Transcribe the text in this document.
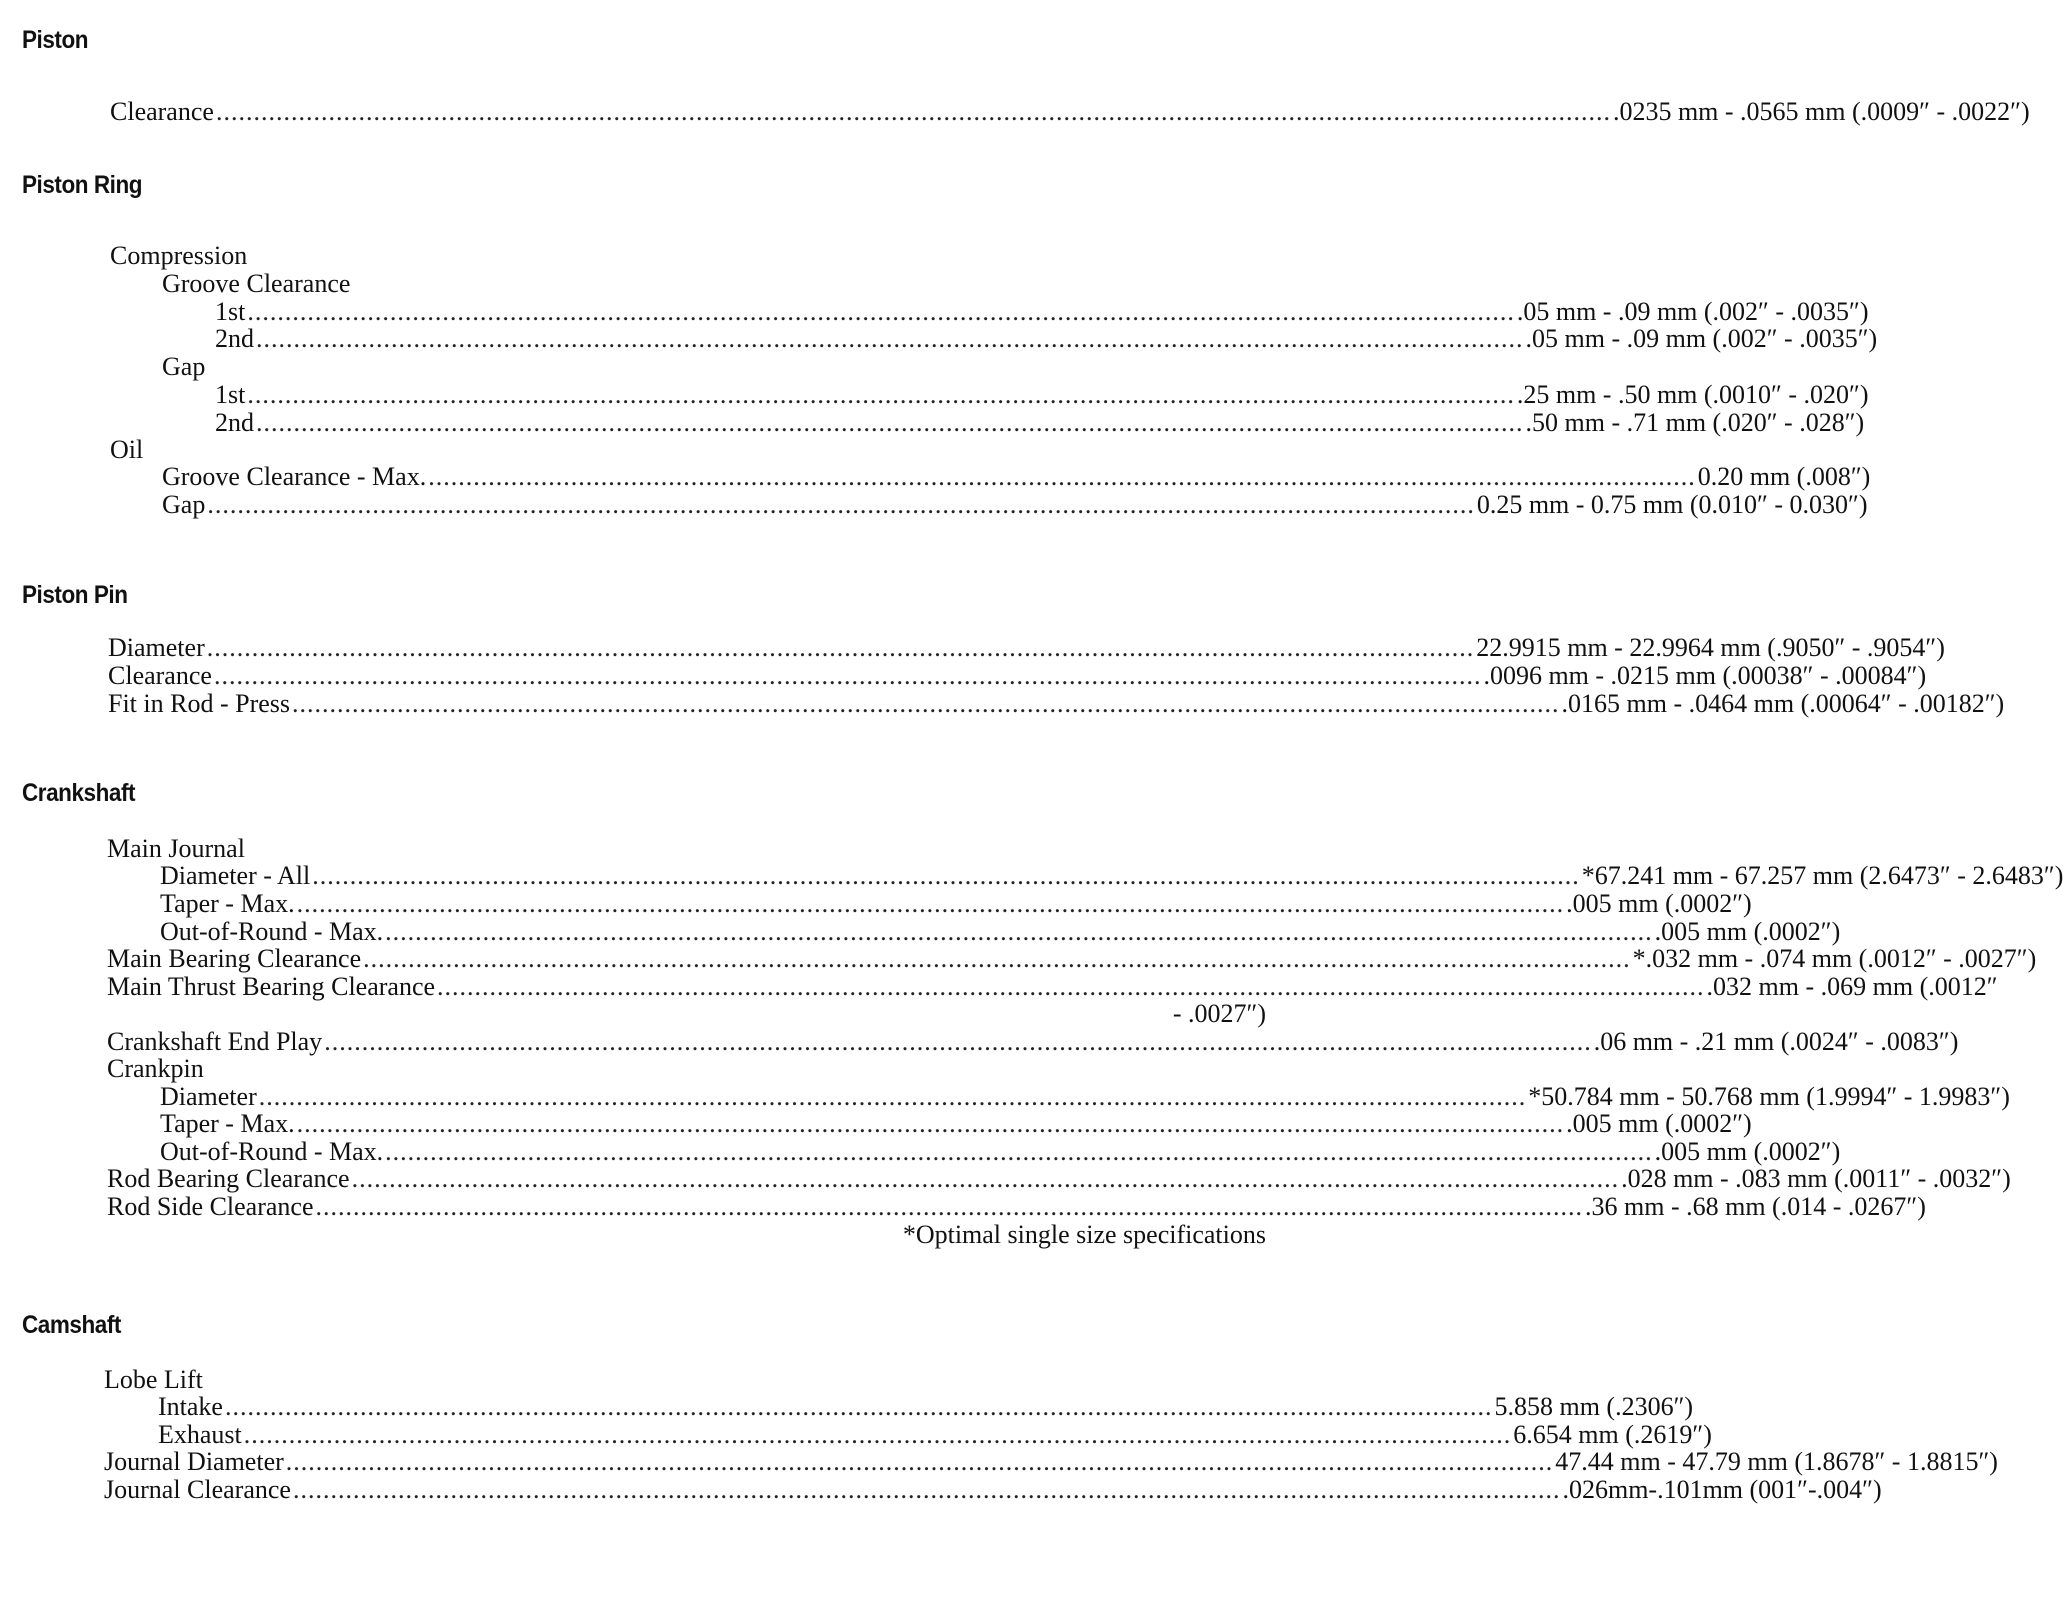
Piston
Clearance .......................................................................................................................................................................................... .0235 mm - .0565 mm (.0009″ - .0022″)
Piston Ring
Compression
Groove Clearance
1st ......................................................................................................................................................................... .05 mm - .09 mm (.002″ - .0035″)
2nd ......................................................................................................................................................................... .05 mm - .09 mm (.002″ - .0035″)
Gap
1st ......................................................................................................................................................................... .25 mm - .50 mm (.0010″ - .020″)
2nd ......................................................................................................................................................................... .50 mm - .71 mm (.020″ - .028″)
Oil
Groove Clearance - Max. ......................................................................................................................................................................... 0.20 mm (.008″)
Gap ......................................................................................................................................................................... 0.25 mm - 0.75 mm (0.010″ - 0.030″)
Piston Pin
Diameter ......................................................................................................................................................................... 22.9915 mm - 22.9964 mm (.9050″ - .9054″)
Clearance ......................................................................................................................................................................... .0096 mm - .0215 mm (.00038″ - .00084″)
Fit in Rod - Press ......................................................................................................................................................................... .0165 mm - .0464 mm (.00064″ - .00182″)
Crankshaft
Main Journal
Diameter - All ......................................................................................................................................................................... *67.241 mm - 67.257 mm (2.6473″ - 2.6483″)
Taper - Max. ......................................................................................................................................................................... .005 mm (.0002″)
Out-of-Round - Max. ......................................................................................................................................................................... .005 mm (.0002″)
Main Bearing Clearance ......................................................................................................................................................................... *.032 mm - .074 mm (.0012″ - .0027″)
Main Thrust Bearing Clearance ......................................................................................................................................................................... .032 mm - .069 mm (.0012″
- .0027″)
Crankshaft End Play ......................................................................................................................................................................... .06 mm - .21 mm (.0024″ - .0083″)
Crankpin
Diameter ......................................................................................................................................................................... *50.784 mm - 50.768 mm (1.9994″ - 1.9983″)
Taper - Max. ......................................................................................................................................................................... .005 mm (.0002″)
Out-of-Round - Max. ......................................................................................................................................................................... .005 mm (.0002″)
Rod Bearing Clearance ......................................................................................................................................................................... .028 mm - .083 mm (.0011″ - .0032″)
Rod Side Clearance ......................................................................................................................................................................... .36 mm - .68 mm (.014 - .0267″)
*Optimal single size specifications
Camshaft
Lobe Lift
Intake ......................................................................................................................................................................... 5.858 mm (.2306″)
Exhaust ......................................................................................................................................................................... 6.654 mm (.2619″)
Journal Diameter ......................................................................................................................................................................... 47.44 mm - 47.79 mm (1.8678″ - 1.8815″)
Journal Clearance ......................................................................................................................................................................... .026mm-.101mm (001″-.004″)
